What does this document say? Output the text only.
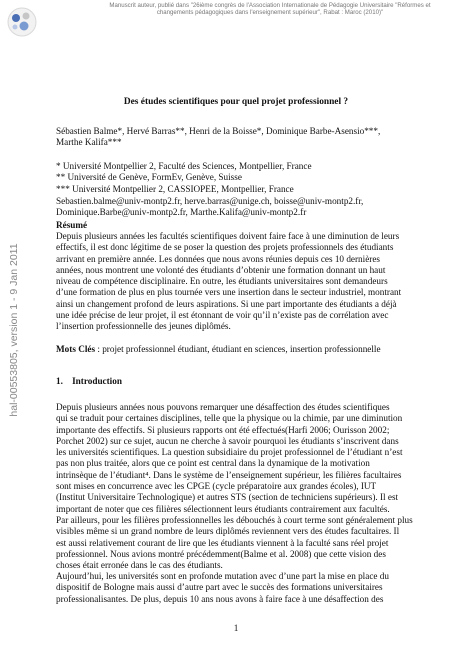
Manuscrit auteur, publié dans "26ième congrès de l'Association Internationale de Pédagogie Universitaire "Réformes et
changements pédagogiques dans l'enseignement supérieur", Rabat : Maroc (2010)"
hal-00553805, version 1 - 9 Jan 2011
Des études scientifiques pour quel projet professionnel ?

Sébastien Balme*, Hervé Barras**, Henri de la Boisse*, Dominique Barbe-Asensio***,

Marthe Kalifa***

* Université Montpellier 2, Faculté des Sciences, Montpellier, France

** Université de Genève, FormEv, Genève, Suisse

*** Université Montpellier 2, CASSIOPEE, Montpellier, France

Sebastien.balme@univ-montp2.fr, herve.barras@unige.ch, boisse@univ-montp2.fr,

Dominique.Barbe@univ-montp2.fr, Marthe.Kalifa@univ-montp2.fr

Résumé

Depuis plusieurs années les facultés scientifiques doivent faire face à une diminution de leurs

effectifs, il est donc légitime de se poser la question des projets professionnels des étudiants

arrivant en première année. Les données que nous avons réunies depuis ces 10 dernières

années, nous montrent une volonté des étudiants d’obtenir une formation donnant un haut

niveau de compétence disciplinaire. En outre, les étudiants universitaires sont demandeurs

d’une formation de plus en plus tournée vers une insertion dans le secteur industriel, montrant

ainsi un changement profond de leurs aspirations. Si une part importante des étudiants a déjà

une idée précise de leur projet, il est étonnant de voir qu’il n’existe pas de corrélation avec

l’insertion professionnelle des jeunes diplômés.

Mots Clés : projet professionnel étudiant, étudiant en sciences, insertion professionnelle
1.    Introduction

Depuis plusieurs années nous pouvons remarquer une désaffection des études scientifiques

qui se traduit pour certaines disciplines, telle que la physique ou la chimie, par une diminution

importante des effectifs. Si plusieurs rapports ont été effectués(Harfi 2006; Ourisson 2002;

Porchet 2002) sur ce sujet, aucun ne cherche à savoir pourquoi les étudiants s’inscrivent dans

les universités scientifiques. La question subsidiaire du projet professionnel de l’étudiant n’est

pas non plus traitée, alors que ce point est central dans la dynamique de la motivation

intrinsèque de l’étudiant⁴. Dans le système de l’enseignement supérieur, les filières facultaires

sont mises en concurrence avec les CPGE (cycle préparatoire aux grandes écoles), IUT

(Institut Universitaire Technologique) et autres STS (section de techniciens supérieurs). Il est

important de noter que ces filières sélectionnent leurs étudiants contrairement aux facultés.

Par ailleurs, pour les filières professionnelles les débouchés à court terme sont généralement plus

visibles même si un grand nombre de leurs diplômés reviennent vers des études facultaires. Il

est aussi relativement courant de lire que les étudiants viennent à la faculté sans réel projet

professionnel. Nous avions montré précédemment(Balme et al. 2008) que cette vision des

choses était erronée dans le cas des étudiants.

Aujourd’hui, les universités sont en profonde mutation avec d’une part la mise en place du

dispositif de Bologne mais aussi d’autre part avec le succès des formations universitaires

professionalisantes. De plus, depuis 10 ans nous avons à faire face à une désaffection des

1
